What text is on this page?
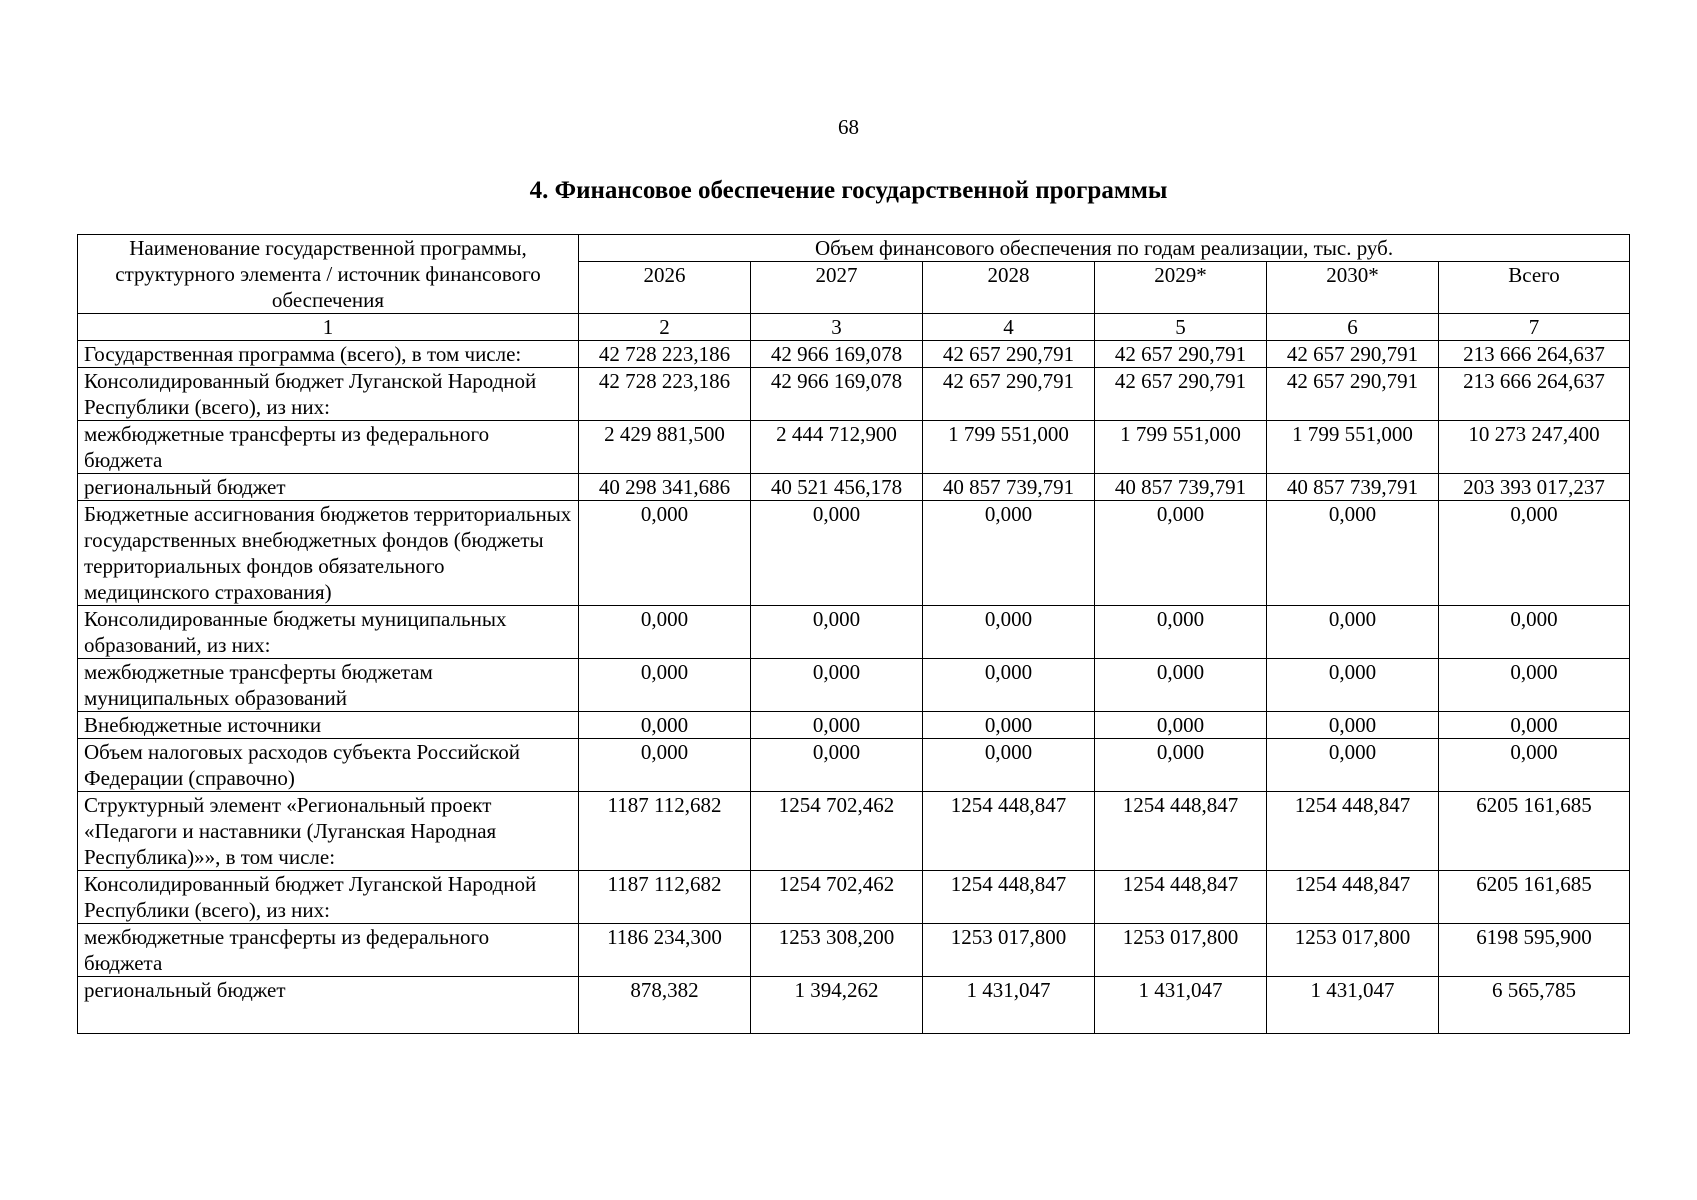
68
4. Финансовое обеспечение государственной программы
Наименование государственной программы, структурного элемента / источник финансового обеспечения	Объем финансового обеспечения по годам реализации, тыс. руб.					
	2026	2027	2028	2029*	2030*	Всего
1	2	3	4	5	6	7
Государственная программа (всего), в том числе:	42 728 223,186	42 966 169,078	42 657 290,791	42 657 290,791	42 657 290,791	213 666 264,637
Консолидированный бюджет Луганской Народной Республики (всего), из них:	42 728 223,186	42 966 169,078	42 657 290,791	42 657 290,791	42 657 290,791	213 666 264,637
межбюджетные трансферты из федерального бюджета	2 429 881,500	2 444 712,900	1 799 551,000	1 799 551,000	1 799 551,000	10 273 247,400
региональный бюджет	40 298 341,686	40 521 456,178	40 857 739,791	40 857 739,791	40 857 739,791	203 393 017,237
Бюджетные ассигнования бюджетов территориальных государственных внебюджетных фондов (бюджеты территориальных фондов обязательного медицинского страхования)	0,000	0,000	0,000	0,000	0,000	0,000
Консолидированные бюджеты муниципальных образований, из них:	0,000	0,000	0,000	0,000	0,000	0,000
межбюджетные трансферты бюджетам муниципальных образований	0,000	0,000	0,000	0,000	0,000	0,000
Внебюджетные источники	0,000	0,000	0,000	0,000	0,000	0,000
Объем налоговых расходов субъекта Российской Федерации (справочно)	0,000	0,000	0,000	0,000	0,000	0,000
Структурный элемент «Региональный проект «Педагоги и наставники (Луганская Народная Республика)»», в том числе:	1187 112,682	1254 702,462	1254 448,847	1254 448,847	1254 448,847	6205 161,685
Консолидированный бюджет Луганской Народной Республики (всего), из них:	1187 112,682	1254 702,462	1254 448,847	1254 448,847	1254 448,847	6205 161,685
межбюджетные трансферты из федерального бюджета	1186 234,300	1253 308,200	1253 017,800	1253 017,800	1253 017,800	6198 595,900
региональный бюджет	878,382	1 394,262	1 431,047	1 431,047	1 431,047	6 565,785
